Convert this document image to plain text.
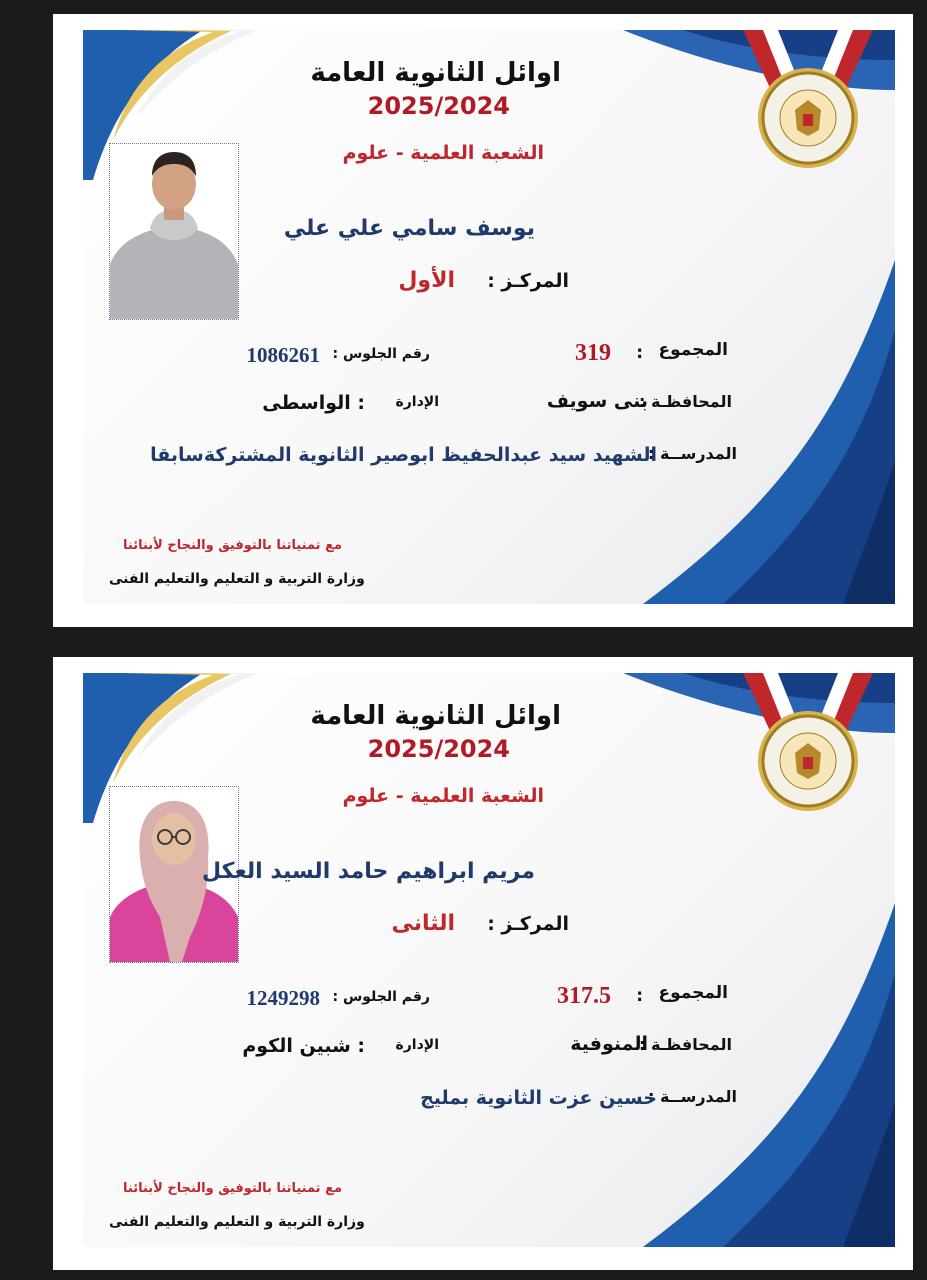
اوائل الثانوية العامة
2025/2024
الشعبة العلمية - علوم
يوسف سامي علي علي
المركـز :
الأول
المجموع
:
319
رقم الجلوس :
1086261
المحافظـة :
بنى سويف
الإدارة
: الواسطى
المدرســة :
الشهيد سيد عبدالحفيظ ابوصير الثانوية المشتركةسابقا
مع تمنياتنا بالتوفيق والنجاح لأبنائنا
وزارة التربية و التعليم والتعليم الفنى
اوائل الثانوية العامة
2025/2024
الشعبة العلمية - علوم
مريم ابراهيم حامد السيد العكل
المركـز :
الثانى
المجموع
:
317.5
رقم الجلوس :
1249298
المحافظـة :
المنوفية
الإدارة
: شبين الكوم
المدرســة :
حسين عزت الثانوية بمليج
مع تمنياتنا بالتوفيق والنجاح لأبنائنا
وزارة التربية و التعليم والتعليم الفنى
